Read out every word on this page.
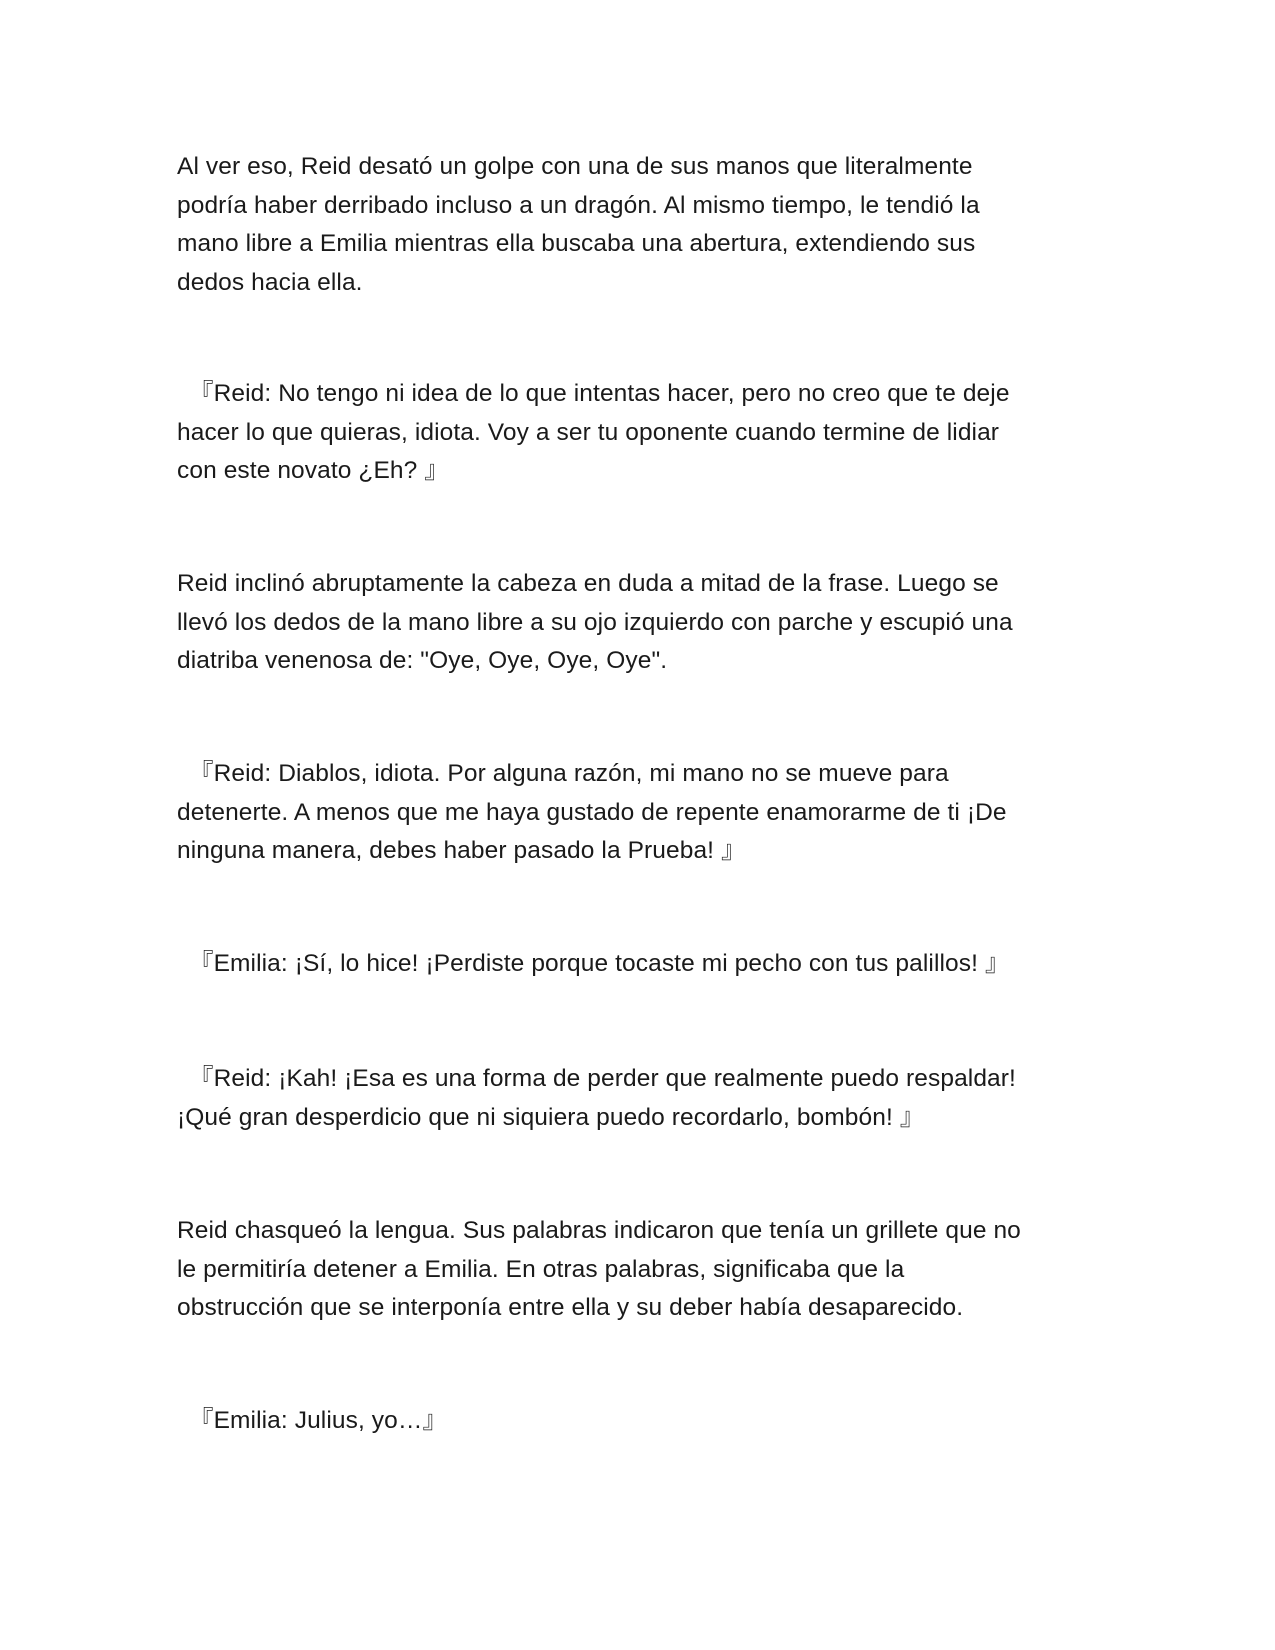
Al ver eso, Reid desató un golpe con una de sus manos que literalmente
podría haber derribado incluso a un dragón. Al mismo tiempo, le tendió la
mano libre a Emilia mientras ella buscaba una abertura, extendiendo sus
dedos hacia ella.

『Reid: No tengo ni idea de lo que intentas hacer, pero no creo que te deje
hacer lo que quieras, idiota. Voy a ser tu oponente cuando termine de lidiar
con este novato ¿Eh? 』

Reid inclinó abruptamente la cabeza en duda a mitad de la frase. Luego se
llevó los dedos de la mano libre a su ojo izquierdo con parche y escupió una
diatriba venenosa de: "Oye, Oye, Oye, Oye".

『Reid: Diablos, idiota. Por alguna razón, mi mano no se mueve para
detenerte. A menos que me haya gustado de repente enamorarme de ti ¡De
ninguna manera, debes haber pasado la Prueba! 』

『Emilia: ¡Sí, lo hice! ¡Perdiste porque tocaste mi pecho con tus palillos! 』

『Reid: ¡Kah! ¡Esa es una forma de perder que realmente puedo respaldar!
¡Qué gran desperdicio que ni siquiera puedo recordarlo, bombón! 』

Reid chasqueó la lengua. Sus palabras indicaron que tenía un grillete que no
le permitiría detener a Emilia. En otras palabras, significaba que la
obstrucción que se interponía entre ella y su deber había desaparecido.

『Emilia: Julius, yo…』
